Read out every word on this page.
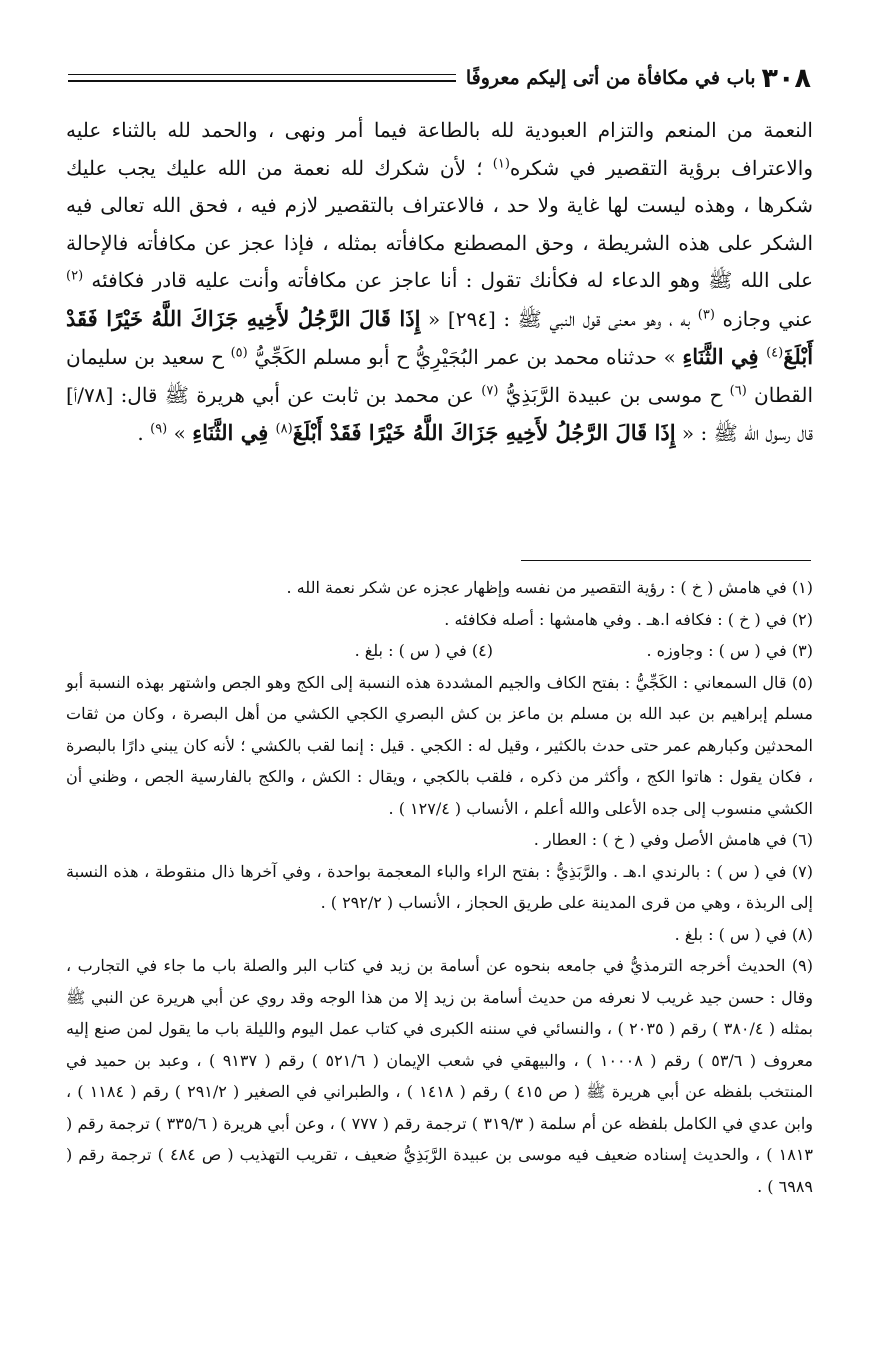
٣٠٨
باب في مكافأة من أتى إليكم معروفًا

النعمة من المنعم والتزام العبودية لله بالطاعة فيما أمر ونهى ، والحمد لله بالثناء عليه والاعتراف برؤية التقصير في شكره$^{(١)}$ ؛ لأن شكرك لله نعمة من الله عليك يجب عليك شكرها ، وهذه ليست لها غاية ولا حد ، فالاعتراف بالتقصير لازم فيه ، فحق الله تعالى فيه الشكر على هذه الشريطة ، وحق المصطنع مكافأته بمثله ، فإذا عجز عن مكافأته فالإحالة على الله ﷺ وهو الدعاء له فكأنك تقول : أنا عاجز عن مكافأته وأنت عليه قادر فكافئه $^{(٢)}$ عني وجازه $^{(٣)}$ به ، وهو معنى قول النبي ﷺ : [٢٩٤] « إِذَا قَالَ الرَّجُلُ لأَخِيهِ جَزَاكَ اللَّهُ خَيْرًا فَقَدْ أَبْلَغَ$^{(٤)}$ فِي الثَّنَاءِ » حدثناه محمد بن عمر البُجَيْرِيُّ ح أبو مسلم الكَجِّيُّ $^{(٥)}$ ح سعيد بن سليمان القطان $^{(٦)}$ ح موسى بن عبيدة الرَّبَذِيُّ $^{(٧)}$ عن محمد بن ثابت عن أبي هريرة ﷺ قال: [٧٨/أ] قال رسول الله ﷺ : « إِذَا قَالَ الرَّجُلُ لأَخِيهِ جَزَاكَ اللَّهُ خَيْرًا فَقَدْ أَبْلَغَ$^{(٨)}$ فِي الثَّنَاءِ » $^{(٩)}$ .

(١) في هامش ( خ ) : رؤية التقصير من نفسه وإظهار عجزه عن شكر نعمة الله .

(٢) في ( خ ) : فكافه ا.هـ . وفي هامشها : أصله فكافئه .

(٣) في ( س ) : وجاوزه .
(٤) في ( س ) : بلغ .

(٥) قال السمعاني : الكَجِّيُّ : بفتح الكاف والجيم المشددة هذه النسبة إلى الكج وهو الجص واشتهر بهذه النسبة أبو مسلم إبراهيم بن عبد الله بن مسلم بن ماعز بن كش البصري الكجي الكشي من أهل البصرة ، وكان من ثقات المحدثين وكبارهم عمر حتى حدث بالكثير ، وقيل له : الكجي . قيل : إنما لقب بالكشي ؛ لأنه كان يبني دارًا بالبصرة ، فكان يقول : هاتوا الكج ، وأكثر من ذكره ، فلقب بالكجي ، ويقال : الكش ، والكج بالفارسية الجص ، وظني أن الكشي منسوب إلى جده الأعلى والله أعلم ، الأنساب ( ١٢٧/٤ ) .

(٦) في هامش الأصل وفي ( خ ) : العطار .

(٧) في ( س ) : بالرندي ا.هـ . والرَّبَذِيُّ : بفتح الراء والباء المعجمة بواحدة ، وفي آخرها ذال منقوطة ، هذه النسبة إلى الربذة ، وهي من قرى المدينة على طريق الحجاز ، الأنساب ( ٢٩٢/٢ ) .

(٨) في ( س ) : بلغ .

(٩) الحديث أخرجه الترمذيُّ في جامعه بنحوه عن أسامة بن زيد في كتاب البر والصلة باب ما جاء في التجارب ، وقال : حسن جيد غريب لا نعرفه من حديث أسامة بن زيد إلا من هذا الوجه وقد روي عن أبي هريرة عن النبي ﷺ بمثله ( ٣٨٠/٤ ) رقم ( ٢٠٣٥ ) ، والنسائي في سننه الكبرى في كتاب عمل اليوم والليلة باب ما يقول لمن صنع إليه معروف ( ٥٣/٦ ) رقم ( ١٠٠٠٨ ) ، والبيهقي في شعب الإيمان ( ٥٢١/٦ ) رقم ( ٩١٣٧ ) ، وعبد بن حميد في المنتخب بلفظه عن أبي هريرة ﷺ ( ص ٤١٥ ) رقم ( ١٤١٨ ) ، والطبراني في الصغير ( ٢٩١/٢ ) رقم ( ١١٨٤ ) ، وابن عدي في الكامل بلفظه عن أم سلمة ( ٣١٩/٣ ) ترجمة رقم ( ٧٧٧ ) ، وعن أبي هريرة ( ٣٣٥/٦ ) ترجمة رقم ( ١٨١٣ ) ، والحديث إسناده ضعيف فيه موسى بن عبيدة الرَّبَذِيُّ ضعيف ، تقريب التهذيب ( ص ٤٨٤ ) ترجمة رقم ( ٦٩٨٩ ) .
